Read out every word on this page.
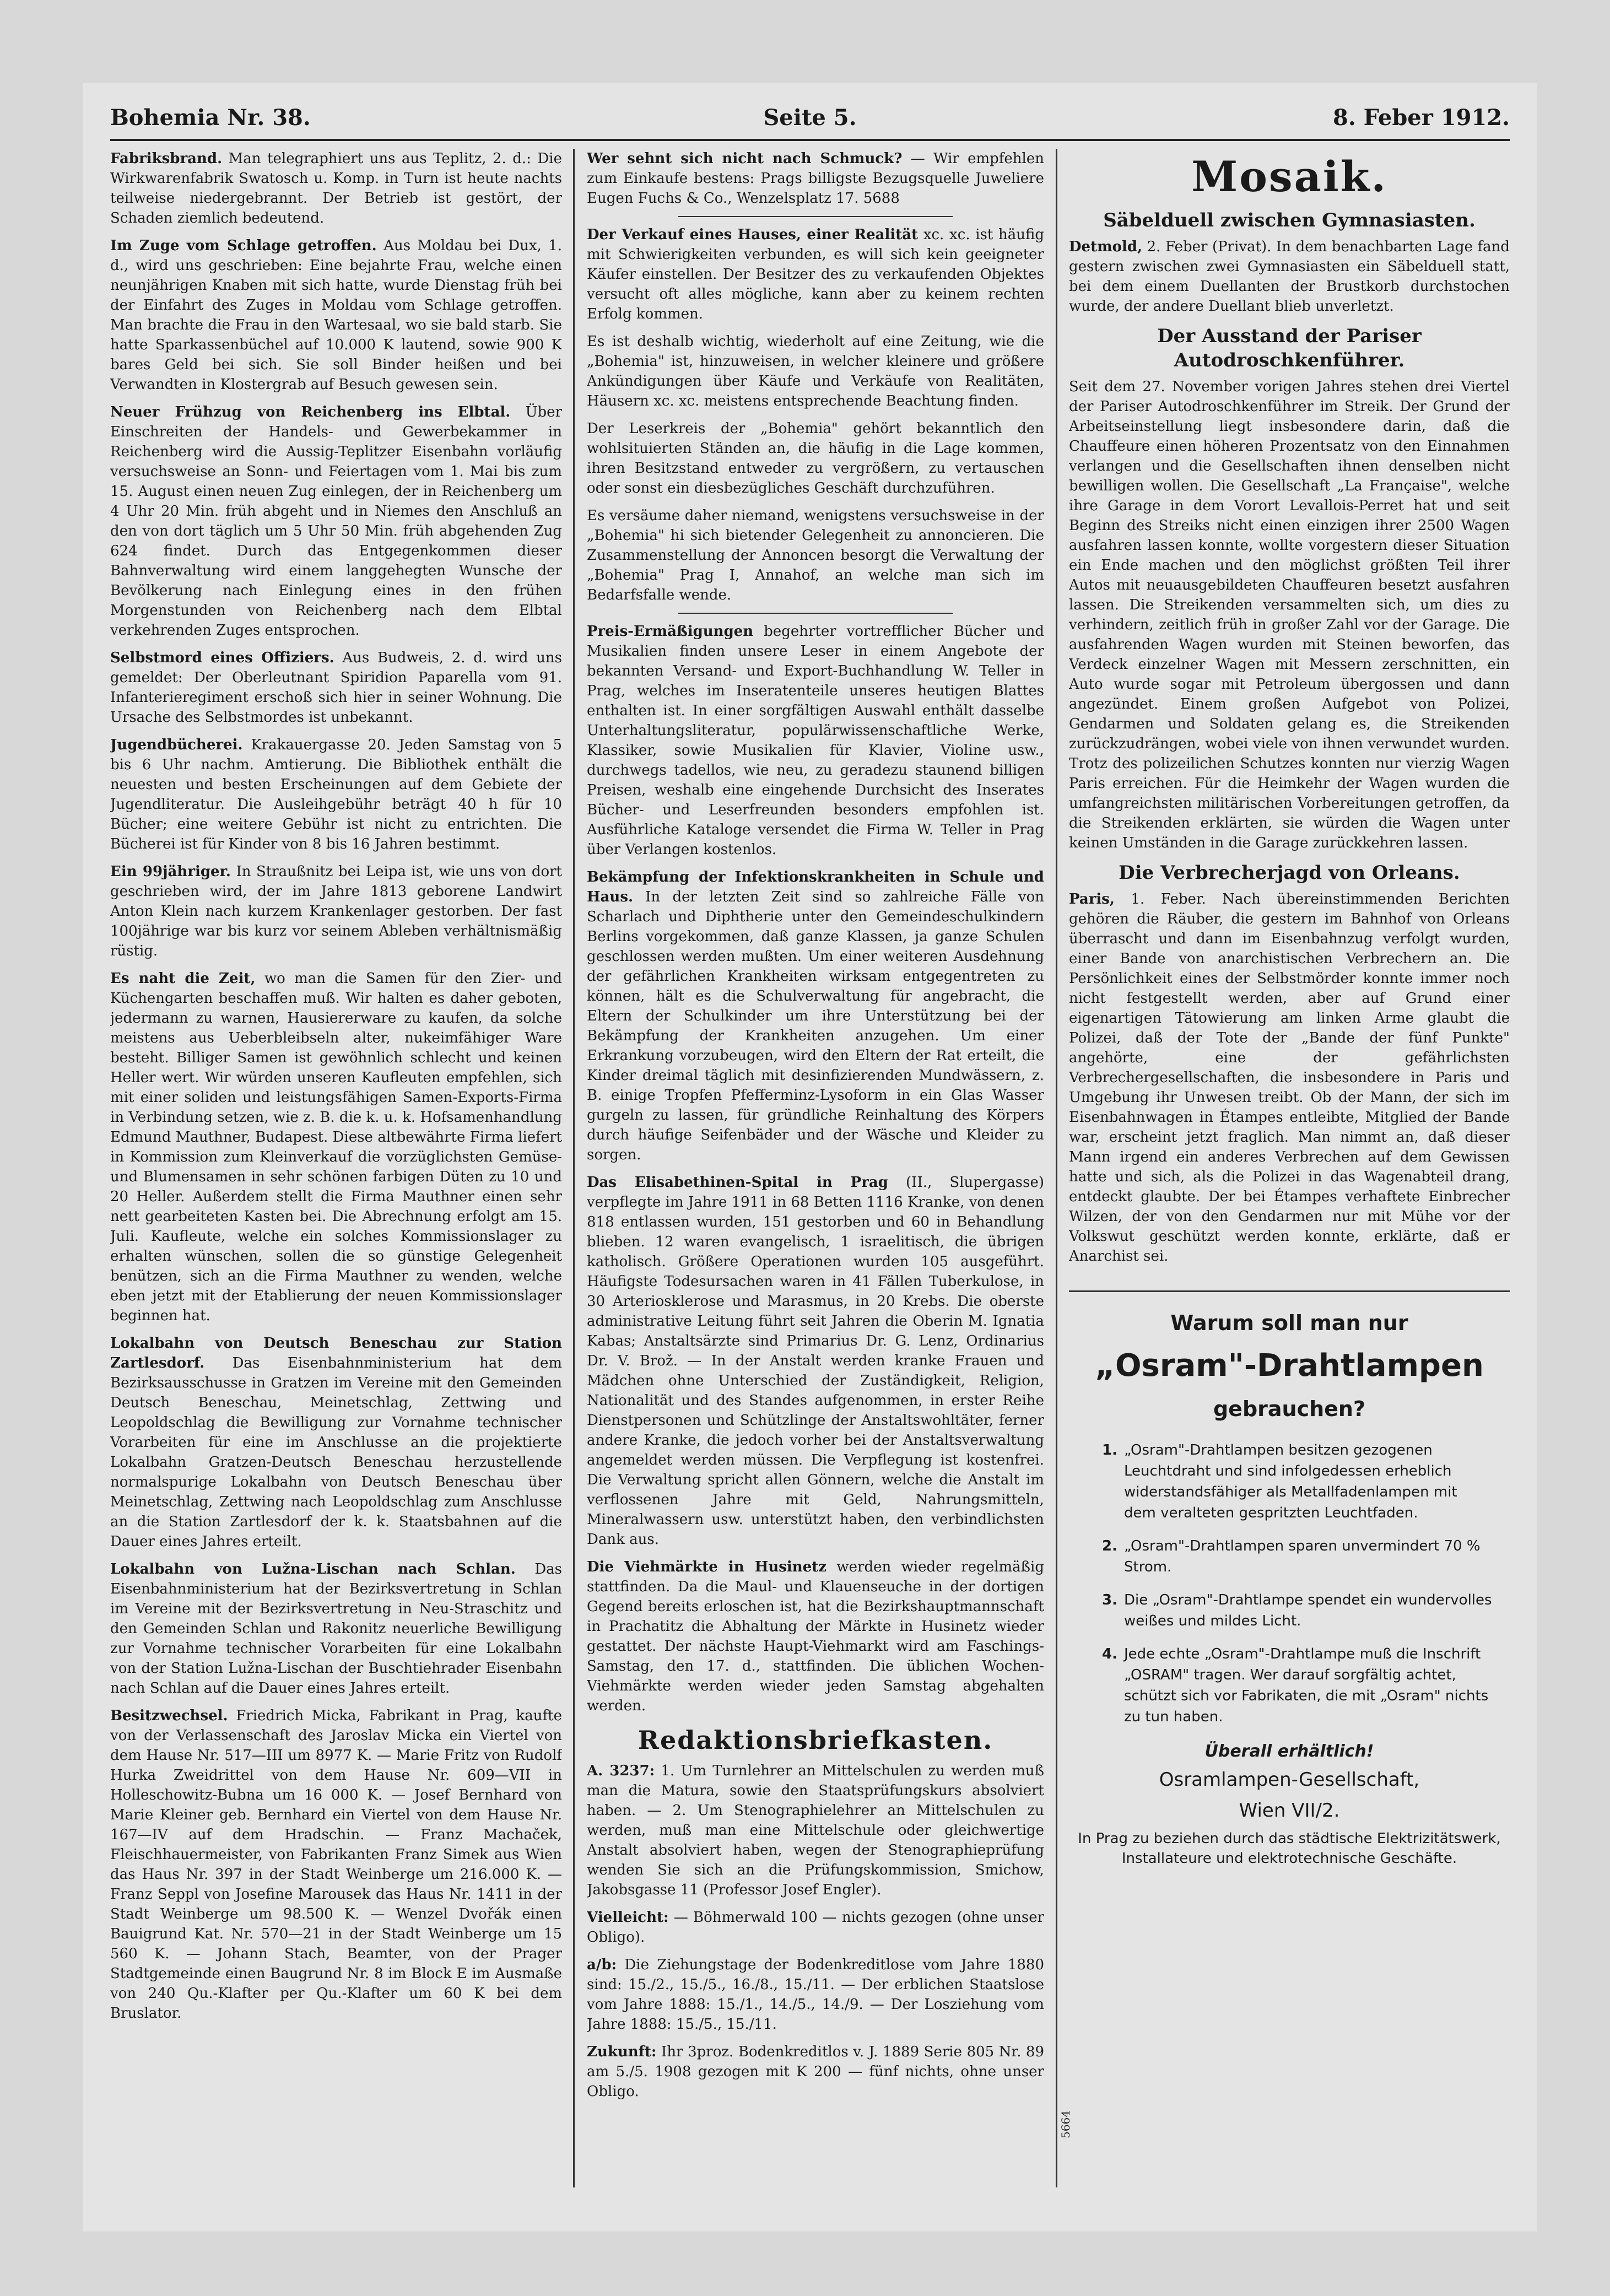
Bohemia Nr. 38.	Seite 5.	8. Feber 1912.

Fabriksbrand. Man telegraphiert uns aus Teplitz, 2. d.: Die Wirkwarenfabrik Swatosch u. Komp. in Turn ist heute nachts teilweise niedergebrannt. Der Betrieb ist gestört, der Schaden ziemlich bedeutend.

Im Zuge vom Schlage getroffen. Aus Moldau bei Dux, 1. d., wird uns geschrieben: Eine bejahrte Frau, welche einen neunjährigen Knaben mit sich hatte, wurde Dienstag früh bei der Einfahrt des Zuges in Moldau vom Schlage getroffen. Man brachte die Frau in den Wartesaal, wo sie bald starb. Sie hatte Sparkassenbüchel auf 10.000 K lautend, sowie 900 K bares Geld bei sich. Sie soll Binder heißen und bei Verwandten in Klostergrab auf Besuch gewesen sein.

Neuer Frühzug von Reichenberg ins Elbtal. Über Einschreiten der Handels- und Gewerbekammer in Reichenberg wird die Aussig-Teplitzer Eisenbahn vorläufig versuchsweise an Sonn- und Feiertagen vom 1. Mai bis zum 15. August einen neuen Zug einlegen, der in Reichenberg um 4 Uhr 20 Min. früh abgeht und in Niemes den Anschluß an den von dort täglich um 5 Uhr 50 Min. früh abgehenden Zug 624 findet. Durch das Entgegenkommen dieser Bahnverwaltung wird einem langgehegten Wunsche der Bevölkerung nach Einlegung eines in den frühen Morgenstunden von Reichenberg nach dem Elbtal verkehrenden Zuges entsprochen.

Selbstmord eines Offiziers. Aus Budweis, 2. d. wird uns gemeldet: Der Oberleutnant Spiridion Paparella vom 91. Infanterieregiment erschoß sich hier in seiner Wohnung. Die Ursache des Selbstmordes ist unbekannt.

Jugendbücherei. Krakauergasse 20. Jeden Samstag von 5 bis 6 Uhr nachm. Amtierung. Die Bibliothek enthält die neuesten und besten Erscheinungen auf dem Gebiete der Jugendliteratur. Die Ausleihgebühr beträgt 40 h für 10 Bücher; eine weitere Gebühr ist nicht zu entrichten. Die Bücherei ist für Kinder von 8 bis 16 Jahren bestimmt.

Ein 99jähriger. In Straußnitz bei Leipa ist, wie uns von dort geschrieben wird, der im Jahre 1813 geborene Landwirt Anton Klein nach kurzem Krankenlager gestorben. Der fast 100jährige war bis kurz vor seinem Ableben verhältnismäßig rüstig.

Es naht die Zeit, wo man die Samen für den Zier- und Küchengarten beschaffen muß. Wir halten es daher geboten, jedermann zu warnen, Hausiererware zu kaufen, da solche meistens aus Ueberbleibseln alter, nukeimfähiger Ware besteht. Billiger Samen ist gewöhnlich schlecht und keinen Heller wert. Wir würden unseren Kaufleuten empfehlen, sich mit einer soliden und leistungsfähigen Samen-Exports-Firma in Verbindung setzen, wie z. B. die k. u. k. Hofsamenhandlung Edmund Mauthner, Budapest. Diese altbewährte Firma liefert in Kommission zum Kleinverkauf die vorzüglichsten Gemüse- und Blumensamen in sehr schönen farbigen Düten zu 10 und 20 Heller. Außerdem stellt die Firma Mauthner einen sehr nett gearbeiteten Kasten bei. Die Abrechnung erfolgt am 15. Juli. Kaufleute, welche ein solches Kommissionslager zu erhalten wünschen, sollen die so günstige Gelegenheit benützen, sich an die Firma Mauthner zu wenden, welche eben jetzt mit der Etablierung der neuen Kommissionslager beginnen hat.

Lokalbahn von Deutsch Beneschau zur Station Zartlesdorf. Das Eisenbahnministerium hat dem Bezirksausschusse in Gratzen im Vereine mit den Gemeinden Deutsch Beneschau, Meinetschlag, Zettwing und Leopoldschlag die Bewilligung zur Vornahme technischer Vorarbeiten für eine im Anschlusse an die projektierte Lokalbahn Gratzen-Deutsch Beneschau herzustellende normalspurige Lokalbahn von Deutsch Beneschau über Meinetschlag, Zettwing nach Leopoldschlag zum Anschlusse an die Station Zartlesdorf der k. k. Staatsbahnen auf die Dauer eines Jahres erteilt.

Lokalbahn von Lužna-Lischan nach Schlan. Das Eisenbahnministerium hat der Bezirksvertretung in Schlan im Vereine mit der Bezirksvertretung in Neu-Straschitz und den Gemeinden Schlan und Rakonitz neuerliche Bewilligung zur Vornahme technischer Vorarbeiten für eine Lokalbahn von der Station Lužna-Lischan der Buschtiehrader Eisenbahn nach Schlan auf die Dauer eines Jahres erteilt.

Besitzwechsel. Friedrich Micka, Fabrikant in Prag, kaufte von der Verlassenschaft des Jaroslav Micka ein Viertel von dem Hause Nr. 517—III um 8977 K. — Marie Fritz von Rudolf Hurka Zweidrittel von dem Hause Nr. 609—VII in Holleschowitz-Bubna um 16 000 K. — Josef Bernhard von Marie Kleiner geb. Bernhard ein Viertel von dem Hause Nr. 167—IV auf dem Hradschin. — Franz Machaček, Fleischhauermeister, von Fabrikanten Franz Simek aus Wien das Haus Nr. 397 in der Stadt Weinberge um 216.000 K. — Franz Seppl von Josefine Marousek das Haus Nr. 1411 in der Stadt Weinberge um 98.500 K. — Wenzel Dvořák einen Bauigrund Kat. Nr. 570—21 in der Stadt Weinberge um 15 560 K. — Johann Stach, Beamter, von der Prager Stadtgemeinde einen Baugrund Nr. 8 im Block E im Ausmaße von 240 Qu.-Klafter per Qu.-Klafter um 60 K bei dem Bruslator.

Wer sehnt sich nicht nach Schmuck? — Wir empfehlen zum Einkaufe bestens: Prags billigste Bezugsquelle Juweliere Eugen Fuchs & Co., Wenzelsplatz 17. 5688

Der Verkauf eines Hauses, einer Realität xc. xc. ist häufig mit Schwierigkeiten verbunden, es will sich kein geeigneter Käufer einstellen. Der Besitzer des zu verkaufenden Objektes versucht oft alles mögliche, kann aber zu keinem rechten Erfolg kommen.

Es ist deshalb wichtig, wiederholt auf eine Zeitung, wie die „Bohemia" ist, hinzuweisen, in welcher kleinere und größere Ankündigungen über Käufe und Verkäufe von Realitäten, Häusern xc. xc. meistens entsprechende Beachtung finden.

Der Leserkreis der „Bohemia" gehört bekanntlich den wohlsituierten Ständen an, die häufig in die Lage kommen, ihren Besitzstand entweder zu vergrößern, zu vertauschen oder sonst ein diesbezügliches Geschäft durchzuführen.

Es versäume daher niemand, wenigstens versuchsweise in der „Bohemia" hi sich bietender Gelegenheit zu annoncieren. Die Zusammenstellung der Annoncen besorgt die Verwaltung der „Bohemia" Prag I, Annahof, an welche man sich im Bedarfsfalle wende.

Preis-Ermäßigungen begehrter vortrefflicher Bücher und Musikalien finden unsere Leser in einem Angebote der bekannten Versand- und Export-Buchhandlung W. Teller in Prag, welches im Inseratenteile unseres heutigen Blattes enthalten ist. In einer sorgfältigen Auswahl enthält dasselbe Unterhaltungsliteratur, populärwissenschaftliche Werke, Klassiker, sowie Musikalien für Klavier, Violine usw., durchwegs tadellos, wie neu, zu geradezu staunend billigen Preisen, weshalb eine eingehende Durchsicht des Inserates Bücher- und Leserfreunden besonders empfohlen ist. Ausführliche Kataloge versendet die Firma W. Teller in Prag über Verlangen kostenlos.

Bekämpfung der Infektionskrankheiten in Schule und Haus. In der letzten Zeit sind so zahlreiche Fälle von Scharlach und Diphtherie unter den Gemeindeschulkindern Berlins vorgekommen, daß ganze Klassen, ja ganze Schulen geschlossen werden mußten. Um einer weiteren Ausdehnung der gefährlichen Krankheiten wirksam entgegentreten zu können, hält es die Schulverwaltung für angebracht, die Eltern der Schulkinder um ihre Unterstützung bei der Bekämpfung der Krankheiten anzugehen. Um einer Erkrankung vorzubeugen, wird den Eltern der Rat erteilt, die Kinder dreimal täglich mit desinfizierenden Mundwässern, z. B. einige Tropfen Pfefferminz-Lysoform in ein Glas Wasser gurgeln zu lassen, für gründliche Reinhaltung des Körpers durch häufige Seifenbäder und der Wäsche und Kleider zu sorgen.

Das Elisabethinen-Spital in Prag (II., Slupergasse) verpflegte im Jahre 1911 in 68 Betten 1116 Kranke, von denen 818 entlassen wurden, 151 gestorben und 60 in Behandlung blieben. 12 waren evangelisch, 1 israelitisch, die übrigen katholisch. Größere Operationen wurden 105 ausgeführt. Häufigste Todesursachen waren in 41 Fällen Tuberkulose, in 30 Arteriosklerose und Marasmus, in 20 Krebs. Die oberste administrative Leitung führt seit Jahren die Oberin M. Ignatia Kabas; Anstaltsärzte sind Primarius Dr. G. Lenz, Ordinarius Dr. V. Brož. — In der Anstalt werden kranke Frauen und Mädchen ohne Unterschied der Zuständigkeit, Religion, Nationalität und des Standes aufgenommen, in erster Reihe Dienstpersonen und Schützlinge der Anstaltswohltäter, ferner andere Kranke, die jedoch vorher bei der Anstaltsverwaltung angemeldet werden müssen. Die Verpflegung ist kostenfrei. Die Verwaltung spricht allen Gönnern, welche die Anstalt im verflossenen Jahre mit Geld, Nahrungsmitteln, Mineralwassern usw. unterstützt haben, den verbindlichsten Dank aus.

Die Viehmärkte in Husinetz werden wieder regelmäßig stattfinden. Da die Maul- und Klauenseuche in der dortigen Gegend bereits erloschen ist, hat die Bezirkshauptmannschaft in Prachatitz die Abhaltung der Märkte in Husinetz wieder gestattet. Der nächste Haupt-Viehmarkt wird am Faschings-Samstag, den 17. d., stattfinden. Die üblichen Wochen-Viehmärkte werden wieder jeden Samstag abgehalten werden.

Redaktionsbriefkasten.

A. 3237: 1. Um Turnlehrer an Mittelschulen zu werden muß man die Matura, sowie den Staatsprüfungskurs absolviert haben. — 2. Um Stenographielehrer an Mittelschulen zu werden, muß man eine Mittelschule oder gleichwertige Anstalt absolviert haben, wegen der Stenographieprüfung wenden Sie sich an die Prüfungskommission, Smichow, Jakobsgasse 11 (Professor Josef Engler).

Vielleicht: — Böhmerwald 100 — nichts gezogen (ohne unser Obligo).

a/b: Die Ziehungstage der Bodenkreditlose vom Jahre 1880 sind: 15./2., 15./5., 16./8., 15./11. — Der erblichen Staatslose vom Jahre 1888: 15./1., 14./5., 14./9. — Der Losziehung vom Jahre 1888: 15./5., 15./11.

Zukunft: Ihr 3proz. Bodenkreditlos v. J. 1889 Serie 805 Nr. 89 am 5./5. 1908 gezogen mit K 200 — fünf nichts, ohne unser Obligo.

5664
Mosaik.
Säbelduell zwischen Gymnasiasten.

Detmold, 2. Feber (Privat). In dem benachbarten Lage fand gestern zwischen zwei Gymnasiasten ein Säbelduell statt, bei dem einem Duellanten der Brustkorb durchstochen wurde, der andere Duellant blieb unverletzt.

Der Ausstand der Pariser Autodroschkenführer.

Seit dem 27. November vorigen Jahres stehen drei Viertel der Pariser Autodroschkenführer im Streik. Der Grund der Arbeitseinstellung liegt insbesondere darin, daß die Chauffeure einen höheren Prozentsatz von den Einnahmen verlangen und die Gesellschaften ihnen denselben nicht bewilligen wollen. Die Gesellschaft „La Française", welche ihre Garage in dem Vorort Levallois-Perret hat und seit Beginn des Streiks nicht einen einzigen ihrer 2500 Wagen ausfahren lassen konnte, wollte vorgestern dieser Situation ein Ende machen und den möglichst größten Teil ihrer Autos mit neuausgebildeten Chauffeuren besetzt ausfahren lassen. Die Streikenden versammelten sich, um dies zu verhindern, zeitlich früh in großer Zahl vor der Garage. Die ausfahrenden Wagen wurden mit Steinen beworfen, das Verdeck einzelner Wagen mit Messern zerschnitten, ein Auto wurde sogar mit Petroleum übergossen und dann angezündet. Einem großen Aufgebot von Polizei, Gendarmen und Soldaten gelang es, die Streikenden zurückzudrängen, wobei viele von ihnen verwundet wurden. Trotz des polizeilichen Schutzes konnten nur vierzig Wagen Paris erreichen. Für die Heimkehr der Wagen wurden die umfangreichsten militärischen Vorbereitungen getroffen, da die Streikenden erklärten, sie würden die Wagen unter keinen Umständen in die Garage zurückkehren lassen.

Die Verbrecherjagd von Orleans.

Paris, 1. Feber. Nach übereinstimmenden Berichten gehören die Räuber, die gestern im Bahnhof von Orleans überrascht und dann im Eisenbahnzug verfolgt wurden, einer Bande von anarchistischen Verbrechern an. Die Persönlichkeit eines der Selbstmörder konnte immer noch nicht festgestellt werden, aber auf Grund einer eigenartigen Tätowierung am linken Arme glaubt die Polizei, daß der Tote der „Bande der fünf Punkte" angehörte, eine der gefährlichsten Verbrechergesellschaften, die insbesondere in Paris und Umgebung ihr Unwesen treibt. Ob der Mann, der sich im Eisenbahnwagen in Étampes entleibte, Mitglied der Bande war, erscheint jetzt fraglich. Man nimmt an, daß dieser Mann irgend ein anderes Verbrechen auf dem Gewissen hatte und sich, als die Polizei in das Wagenabteil drang, entdeckt glaubte. Der bei Étampes verhaftete Einbrecher Wilzen, der von den Gendarmen nur mit Mühe vor der Volkswut geschützt werden konnte, erklärte, daß er Anarchist sei.

Warum soll man nur
„Osram"-Drahtlampen
gebrauchen?
1. „Osram"-Drahtlampen besitzen gezogenen Leuchtdraht und sind infolgedessen erheblich widerstandsfähiger als Metallfadenlampen mit dem veralteten gespritzten Leuchtfaden.
2. „Osram"-Drahtlampen sparen unvermindert 70 % Strom.
3. Die „Osram"-Drahtlampe spendet ein wundervolles weißes und mildes Licht.
4. Jede echte „Osram"-Drahtlampe muß die Inschrift „OSRAM" tragen. Wer darauf sorgfältig achtet, schützt sich vor Fabrikaten, die mit „Osram" nichts zu tun haben.
Überall erhältlich!
Osramlampen-Gesellschaft,
Wien VII/2.
In Prag zu beziehen durch das städtische Elektrizitätswerk, Installateure und elektrotechnische Geschäfte.
